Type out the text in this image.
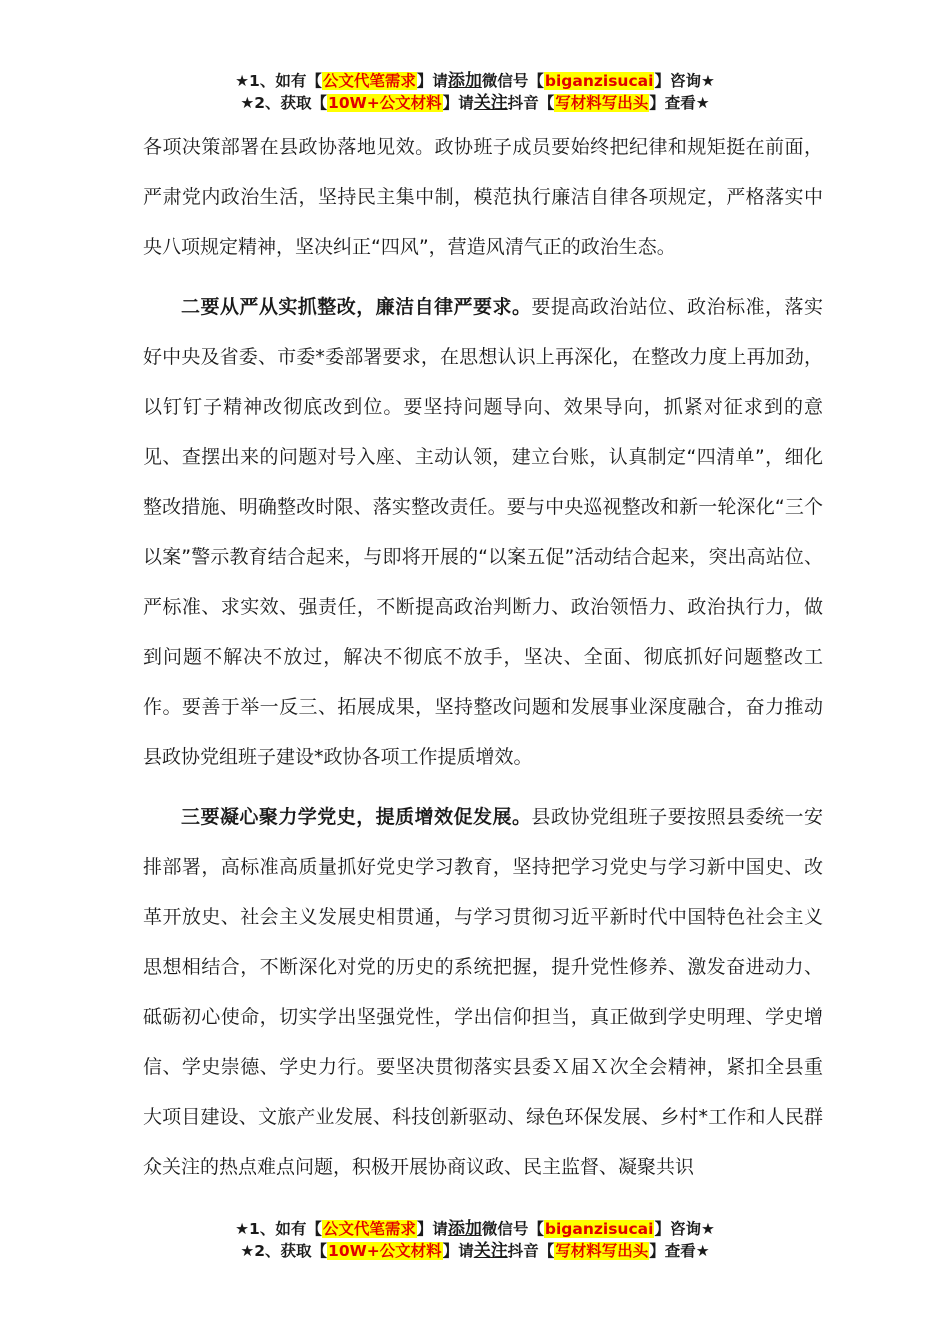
★1、如有【公文代笔需求】请添加微信号【biganzisucai】咨询★
★2、获取【10W+公文材料】请关注抖音【写材料写出头】查看★

各项决策部署在县政协落地见效。政协班子成员要始终把纪律和规矩挺在前面，严肃党内政治生活，坚持民主集中制，模范执行廉洁自律各项规定，严格落实中央八项规定精神，坚决纠正“四风”，营造风清气正的政治生态。

二要从严从实抓整改，廉洁自律严要求。要提高政治站位、政治标准，落实好中央及省委、市委*委部署要求，在思想认识上再深化，在整改力度上再加劲，以钉钉子精神改彻底改到位。要坚持问题导向、效果导向，抓紧对征求到的意见、查摆出来的问题对号入座、主动认领，建立台账，认真制定“四清单”，细化整改措施、明确整改时限、落实整改责任。要与中央巡视整改和新一轮深化“三个以案”警示教育结合起来，与即将开展的“以案五促”活动结合起来，突出高站位、严标准、求实效、强责任，不断提高政治判断力、政治领悟力、政治执行力，做到问题不解决不放过，解决不彻底不放手，坚决、全面、彻底抓好问题整改工作。要善于举一反三、拓展成果，坚持整改问题和发展事业深度融合，奋力推动县政协党组班子建设*政协各项工作提质增效。

三要凝心聚力学党史，提质增效促发展。县政协党组班子要按照县委统一安排部署，高标准高质量抓好党史学习教育，坚持把学习党史与学习新中国史、改革开放史、社会主义发展史相贯通，与学习贯彻习近平新时代中国特色社会主义思想相结合，不断深化对党的历史的系统把握，提升党性修养、激发奋进动力、砥砺初心使命，切实学出坚强党性，学出信仰担当，真正做到学史明理、学史增信、学史崇德、学史力行。要坚决贯彻落实县委Ｘ届Ｘ次全会精神，紧扣全县重大项目建设、文旅产业发展、科技创新驱动、绿色环保发展、乡村*工作和人民群众关注的热点难点问题，积极开展协商议政、民主监督、凝聚共识

★1、如有【公文代笔需求】请添加微信号【biganzisucai】咨询★
★2、获取【10W+公文材料】请关注抖音【写材料写出头】查看★
